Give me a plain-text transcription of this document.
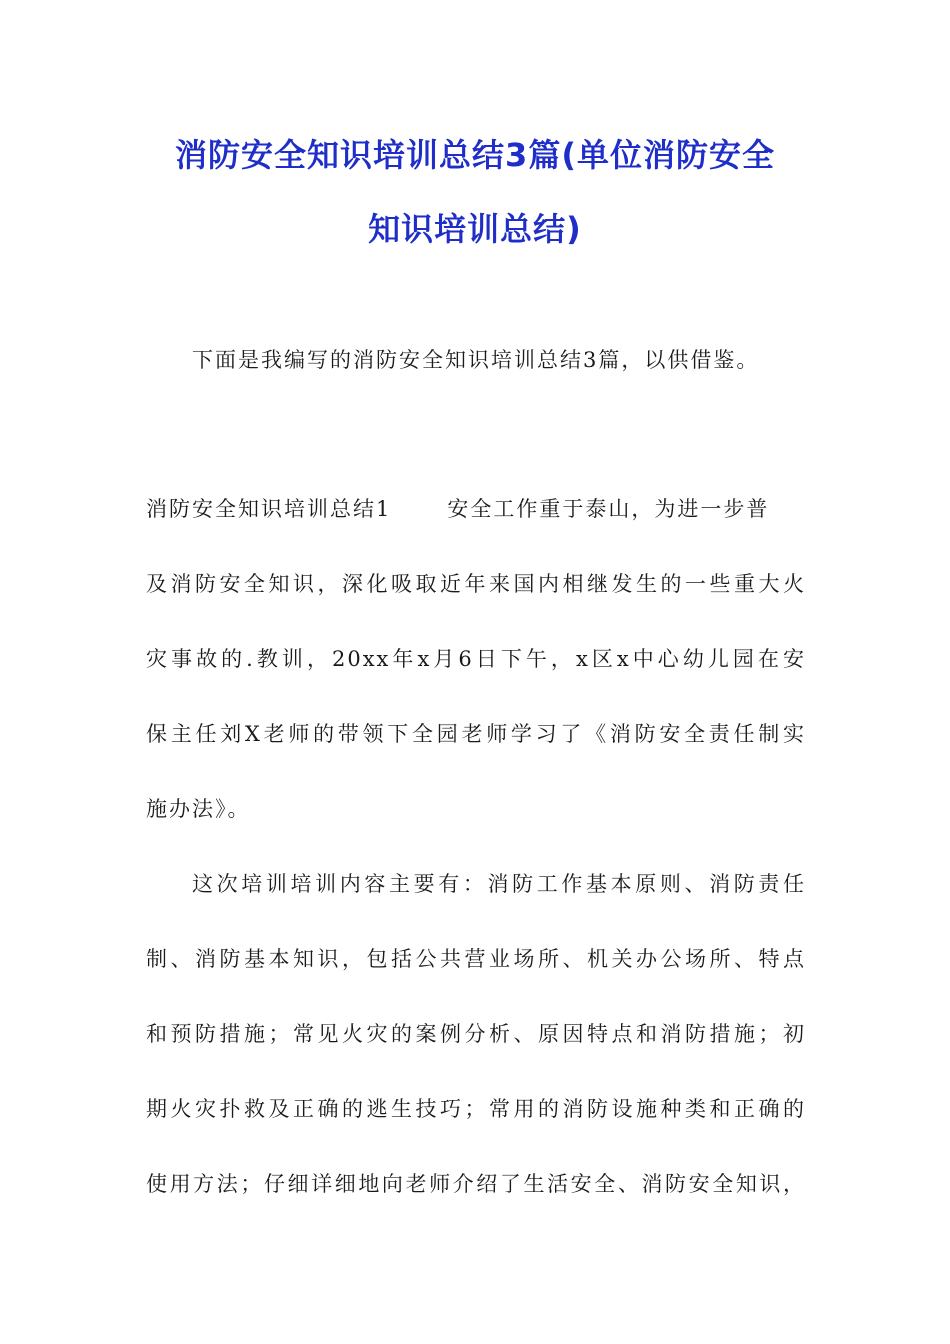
消防安全知识培训总结3篇(单位消防安全
知识培训总结)

下面是我编写的消防安全知识培训总结3篇，以供借鉴。

消防安全知识培训总结1	安全工作重于泰山，为进一步普

及消防安全知识，深化吸取近年来国内相继发生的一些重大火

灾事故的.教训，20xx年x月6日下午，x区x中心幼儿园在安

保主任刘X老师的带领下全园老师学习了《消防安全责任制实

施办法》。

这次培训培训内容主要有：消防工作基本原则、消防责任

制、消防基本知识，包括公共营业场所、机关办公场所、特点

和预防措施；常见火灾的案例分析、原因特点和消防措施；初

期火灾扑救及正确的逃生技巧；常用的消防设施种类和正确的

使用方法；仔细详细地向老师介绍了生活安全、消防安全知识，
